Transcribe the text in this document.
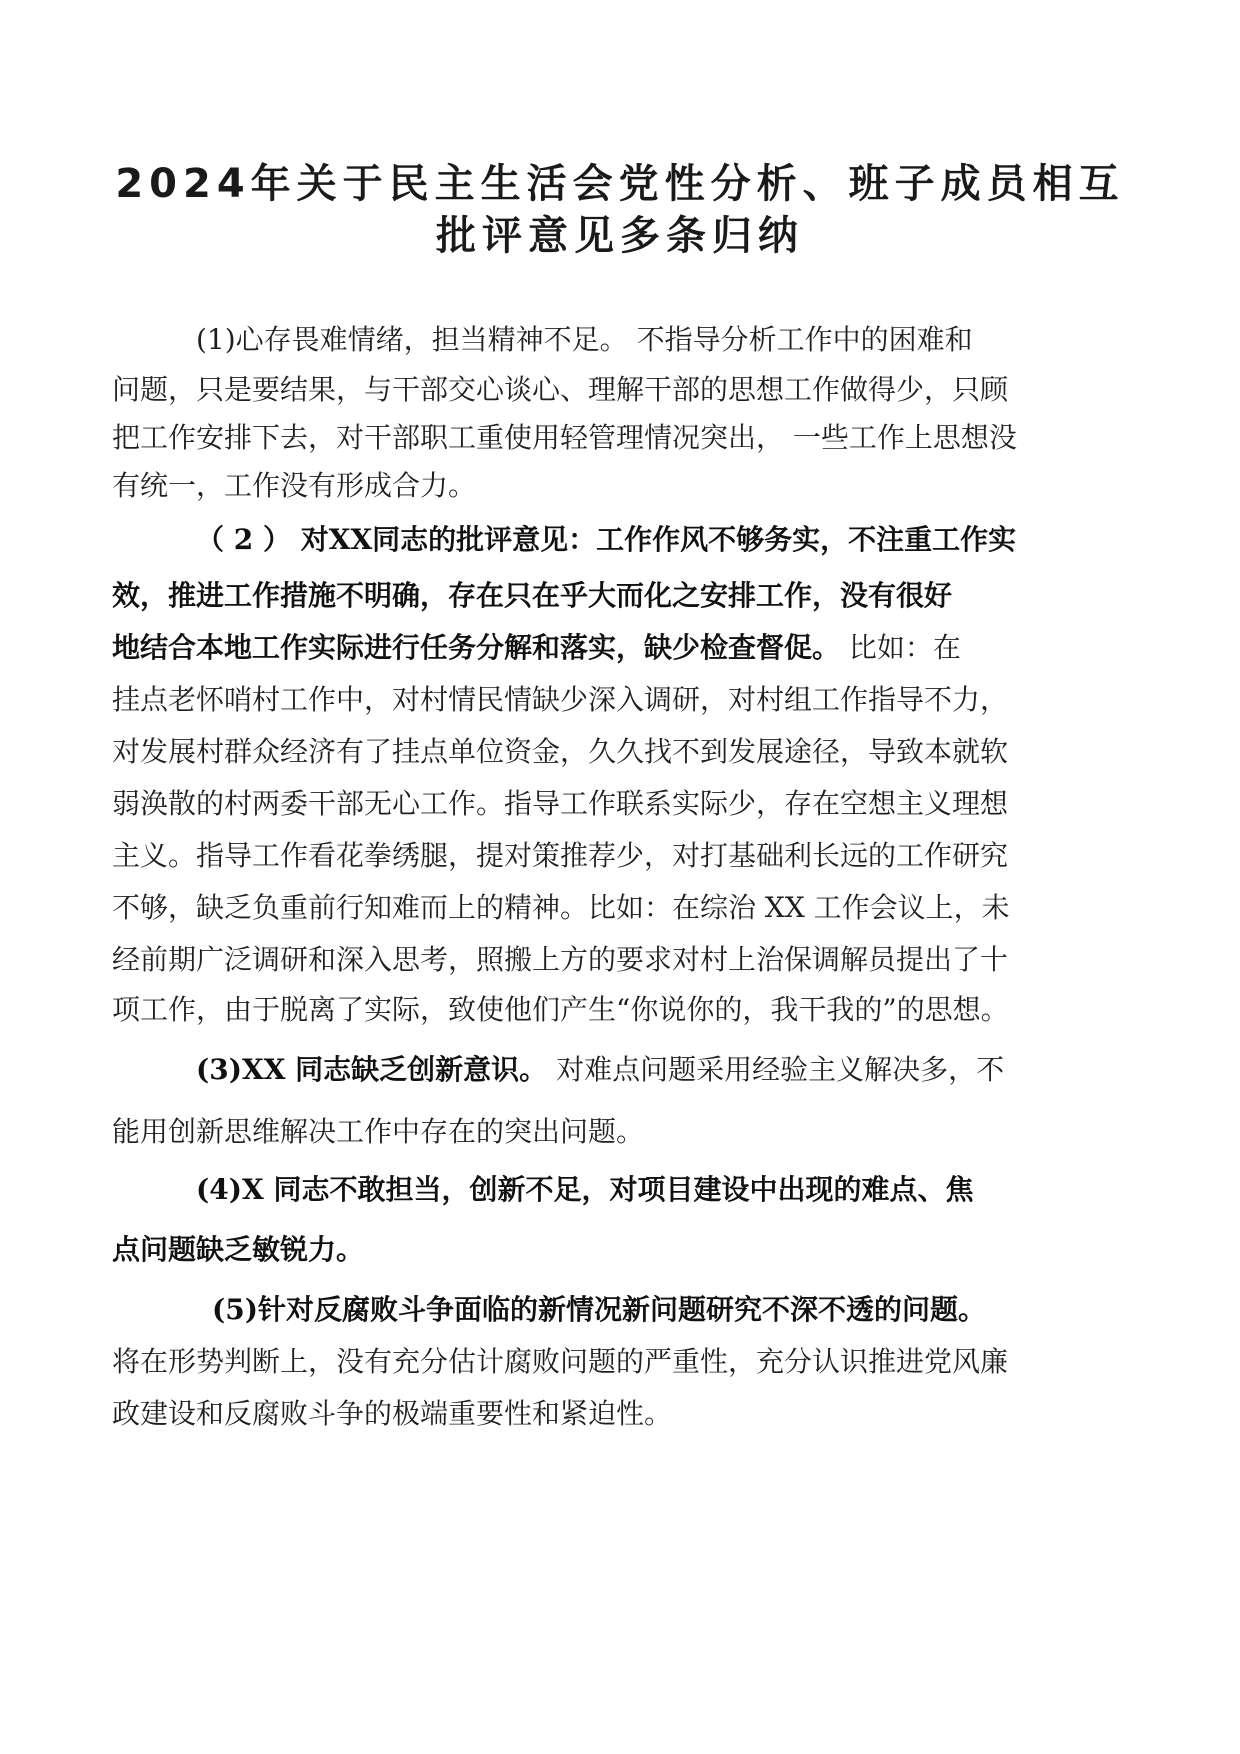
2024年关于民主生活会党性分析、班子成员相互
批评意见多条归纳
(1)心存畏难情绪，担当精神不足。 不指导分析工作中的困难和
问题，只是要结果，与干部交心谈心、理解干部的思想工作做得少，只顾
把工作安排下去，对干部职工重使用轻管理情况突出， 一些工作上思想没
有统一，工作没有形成合力。
（ 2 ） 对XX同志的批评意见：工作作风不够务实，不注重工作实
效，推进工作措施不明确，存在只在乎大而化之安排工作，没有很好
地结合本地工作实际进行任务分解和落实，缺少检查督促。 比如：在
挂点老怀哨村工作中，对村情民情缺少深入调研，对村组工作指导不力，
对发展村群众经济有了挂点单位资金，久久找不到发展途径，导致本就软
弱涣散的村两委干部无心工作。指导工作联系实际少，存在空想主义理想
主义。指导工作看花拳绣腿，提对策推荐少，对打基础利长远的工作研究
不够，缺乏负重前行知难而上的精神。比如：在综治 XX 工作会议上，未
经前期广泛调研和深入思考，照搬上方的要求对村上治保调解员提出了十
项工作，由于脱离了实际，致使他们产生“你说你的，我干我的”的思想。
(3)XX 同志缺乏创新意识。 对难点问题采用经验主义解决多，不
能用创新思维解决工作中存在的突出问题。
(4)X 同志不敢担当，创新不足，对项目建设中出现的难点、焦
点问题缺乏敏锐力。
(5)针对反腐败斗争面临的新情况新问题研究不深不透的问题。
将在形势判断上，没有充分估计腐败问题的严重性，充分认识推进党风廉
政建设和反腐败斗争的极端重要性和紧迫性。
